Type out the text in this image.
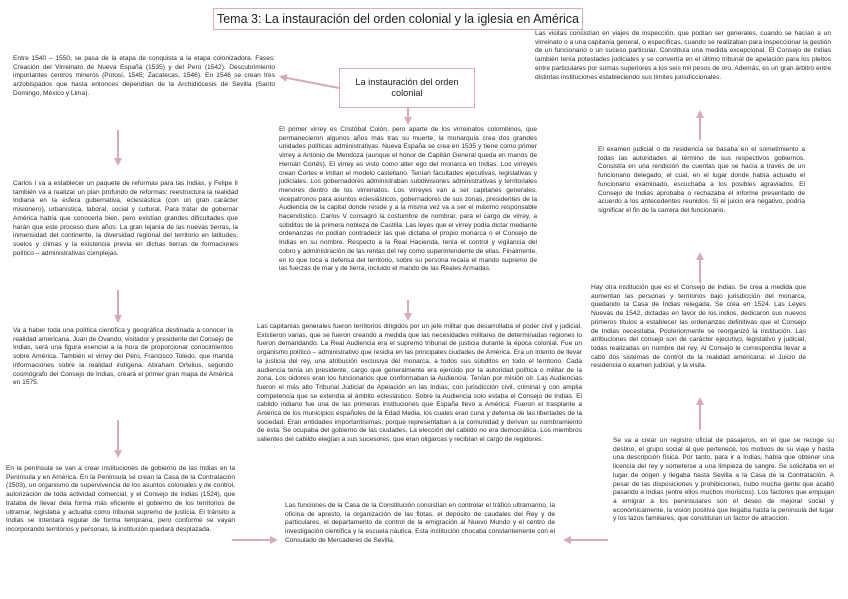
Tema 3: La instauración del orden colonial y la iglesia en América
La instauración del orden colonial

Entre 1540 – 1550, se pasa de la etapa de conquista a la etapa colonizadora. Fases: Creación del Virreinato de Nueva España (1535) y del Perú (1542). Descubrimiento importantes centros mineros (Potosí, 1545; Zacatecas, 1546). En 1546 se crean tres arzobispados que hasta entonces dependían de la Archidiócesis de Sevilla (Santo Domingo, México y Lima).

Carlos I va a establecer un paquete de reformas para las Indias, y Felipe II también va a realizar un plan profundo de reformas: reestructura la realidad Indiana en la esfera gubernativa, eclesiástica (con un gran carácter misionero), urbanística, laboral, social y cultural. Para tratar de gobernar América había que conocerla bien, pero existían grandes dificultades que harán que este proceso dure años: La gran lejanía de las nuevas tierras, la inmensidad del continente, la diversidad regional del territorio en latitudes, suelos y climas y la existencia previa en dichas tierras de formaciones político – administrativas complejas.

Va a haber toda una política científica y geográfica destinada a conocer la realidad americana. Juan de Ovando, visitador y presidente del Consejo de Indias, será una figura esencial a la hora de proporcionar conocimientos sobre América. También el virrey del Perú, Francisco Toledo, que manda informaciones sobre la realidad indígena. Abraham Ortelius, segundo cosmógrafo del Consejo de Indias, creará el primer gran mapa de América en 1575.

En la península se van a crear instituciones de gobierno de las Indias en la Península y en América. En la Península se crean la Casa de la Contratación (1503), un organismo de supervivencia de los asuntos coloniales y de control, autorización de toda actividad comercial, y el Consejo de Indias (1524), que trataba de llevar dela forma más eficiente el gobierno de los territorios de ultramar, legislaba y actuaba como tribunal supremo de justicia. El tránsito a Indias se intentará regular de forma temprana, pero conforme se vayan incorporando territorios y personas, la institución quedará desplazada.

El primer virrey es Cristóbal Colón, pero aparte de los virreinatos colombinos, que permanecieron algunos años más tras su muerte, la monarquía crea dos grandes unidades políticas administrativas. Nueva España se crea en 1535 y tiene como primer virrey a Antonio de Mendoza (aunque el honor de Capitán General queda en manos de Hernán Cortés). El virrey es visto como alter ego del monarca en Indias. Los virreyes crean Cortes e imitan el modelo castellano. Tenían facultades ejecutivas, legislativas y judiciales. Los gobernadores administraban subdivisiones administrativas y territoriales menores dentro de los virreinatos. Los virreyes van a ser capitanes generales, vicepatronos para asuntos eclesiásticos, gobernadores de sus zonas, presidentes de la Audiencia de la capital donde reside y a la misma vez va a ser el máximo responsable hacendístico. Carlos V consagró la costumbre de nombrar, para el cargo de virrey, a súbditos de la primera nobleza de Castilla. Las leyes que el virrey podía dictar mediante ordenanzas no podían contradecir las que dictaba el propio monarca o el Consejo de Indias en su nombre. Respecto a la Real Hacienda, tenía el control y vigilancia del cobro y administración de las rentas del rey como superintendente de ellas. Finalmente, en lo que toca a defensa del territorio, sobre su persona recaía el mando supremo de las fuerzas de mar y de tierra, incluido el mando de las Reales Armadas.

Las capitanías generales fueron territorios dirigidos por un jefe militar que desarrollaba el poder civil y judicial. Existieron varias, que se fueron creando a medida que las necesidades militares de determinadas regiones lo fueron demandando. La Real Audiencia era el supremo tribunal de justicia durante la época colonial. Fue un organismo político – administrativo que residía en las principales ciudades de América. Era un intento de llevar la justicia del rey, una atribución exclusiva del monarca, a todos sus súbditos en todo el territorio. Cada audiencia tenía un presidente, cargo que generalmente era ejercido por la autoridad política o militar de la zona. Los oidores eran los funcionarios que conformaban la Audiencia. Tenían por misión oír. Las Audiencias fueron el más alto Tribunal Judicial de Apelación en las Indias, con jurisdicción civil, criminal y con amplia competencia que se extendía al ámbito eclesiástico. Sobre la Audiencia solo estaba el Consejo de Indias. El cabildo indiano fue una de las primeras instituciones que España llevó a América. Fueron el trasplante a América de los municipios españoles de la Edad Media, los cuales eran cuna y defensa de las libertades de la sociedad. Eran entidades importantísimas, porque representaban a la comunidad y derivan su nombramiento de ésta. Se ocupaba del gobierno de las ciudades. La elección del cabildo no era democrática. Los miembros salientes del cabildo elegían a sus sucesores, que eran oligarcas y recibían el cargo de regidores.

Las funciones de la Casa de la Constitución consistían en controlar el tráfico ultramarino, la oficina de apresto, la organización de las flotas, el depósito de caudales del Rey y de particulares, el departamento de control de la emigración al Nuevo Mundo y el centro de investigación científica y la escuela náutica. Esta institución chocaba constantemente con el Consulado de Mercaderes de Sevilla.

Las visitas consistían en viajes de inspección, que podían ser generales, cuando se hacían a un virreinato o a una capitanía general, o específicas, cuando se realizaban para inspeccionar la gestión de un funcionario o un suceso particular. Constituía una medida excepcional. El Consejo de Indias también tenía potestades judiciales y se convertía en el último tribunal de apelación para los pleitos entre particulares por sumas superiores a los seis mil pesos de oro. Además, es un gran árbitro entre distintas instituciones estableciendo sus límites jurisdiccionales.

El examen judicial o de residencia se basaba en el sometimiento a todas las autoridades al término de sus respectivos gobiernos. Consistía en una rendición de cuentas que se hacía a través de un funcionario delegado, el cual, en el lugar donde había actuado el funcionario examinado, escuchaba a los posibles agraviados. El Consejo de Indias aprobaba o rechazaba el informe presentado de acuerdo a los antecedentes reunidos. Si el juicio era negativo, podría significar el fin de la carrera del funcionario.

Hay otra institución que es el Consejo de Indias. Se crea a medida que aumentan las personas y territorios bajo jurisdicción del monarca, quedando la Casa de Indias relegada. Se crea en 1524. Las Leyes Nuevas de 1542, dictadas en favor de los indios, dedicaron sus nuevos primeros títulos a establecer las ordenanzas definitivas que el Consejo de Indias necesitaba. Posteriormente se reorganizó la institución. Las atribuciones del consejo son de carácter ejecutivo, legislativo y judicial, todas realizadas en nombre del rey. Al Consejo le correspondía llevar a cabo dos sistemas de control de la realidad americana: el Juicio de residencia o examen judicial, y la visita.

Se va a crear un registro oficial de pasajeros, en el que se recoge su destino, el grupo social al que pertenece, los motivos de su viaje y hasta una descripción física. Por tanto, para ir a Indias, había que obtener una licencia del rey y someterse a una limpieza de sangre. Se solicitaba en el lugar de origen y llegaba hasta Sevilla a la Casa de la Contratación. A pesar de las disposiciones y prohibiciones, hubo mucha gente que acabó pasando a Indias (entre ellos muchos moriscos). Los factores que empujan a emigrar a los peninsulares son el deseo de mejorar social y económicamente, la visión positiva que llegaba hasta la península del lugar y los lazos familiares, que constituían un factor de atracción.
